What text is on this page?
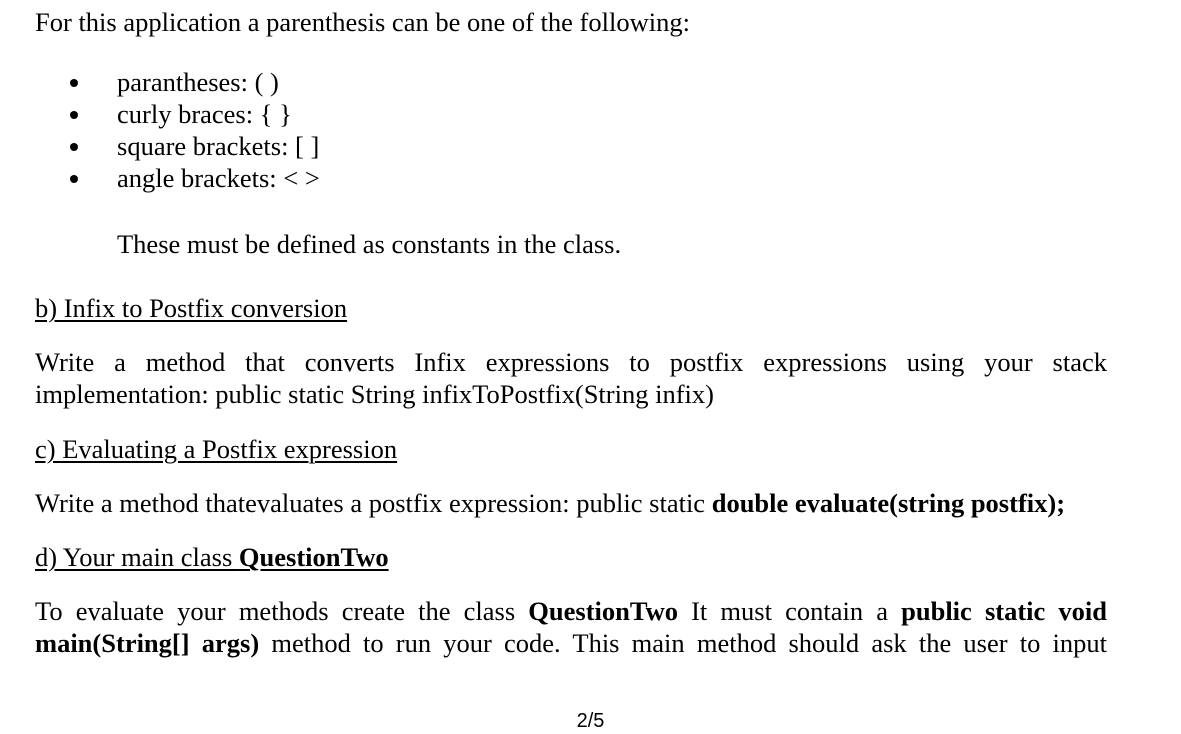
For this application a parenthesis can be one of the following:
parantheses: ( )
curly braces: { }
square brackets: [ ]
angle brackets: < >
These must be defined as constants in the class.
b) Infix to Postfix conversion
Write a method that converts Infix expressions to postfix expressions using your stack
implementation: public static String infixToPostfix(String infix)
c) Evaluating a Postfix expression
Write a method thatevaluates a postfix expression: public static double evaluate(string postfix);
d) Your main class QuestionTwo
To evaluate your methods create the class QuestionTwo It must contain a public static void
main(String[] args) method to run your code. This main method should ask the user to input
2/5
